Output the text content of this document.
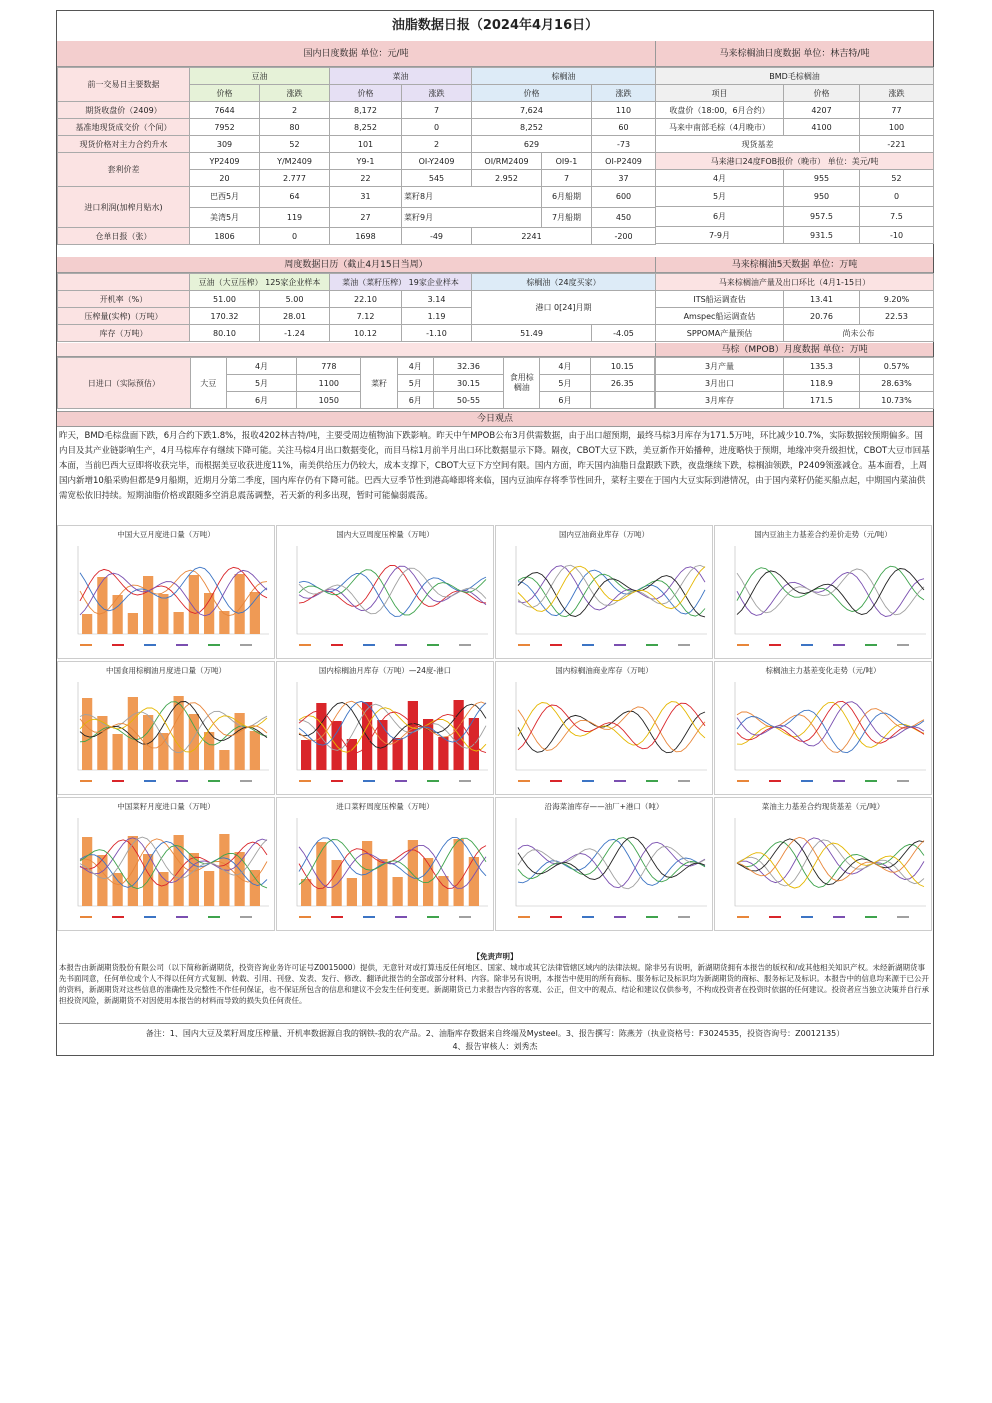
油脂数据日报（2024年4月16日）
国内日度数据 单位：元/吨	马来棕榈油日度数据 单位：林吉特/吨
前一交易日主要数据	豆油		菜油		棕榈油		
	价格	涨跌	价格	涨跌	价格		涨跌
期货收盘价（2409）	7644	2	8,172	7	7,624		110
基准地现货成交价（个间）	7952	80	8,252	0	8,252		60
现货价格对主力合约升水	309	52	101	2	629		-73
套利价差	YP2409	Y/M2409	Y9-1	OI-Y2409	OI/RM2409	OI9-1	OI-P2409
	20	2.777	22	545	2.952	7	37
进口利润(加榨月贴水)	巴西5月	64	31	菜籽8月		6月船期	600
	美湾5月	119	27	菜籽9月		7月船期	450
仓单日报（张）	1806	0	1698	-49	2241		-200
BMD毛棕榈油		
项目	价格	涨跌
收盘价（18:00，6月合约）	4207	77
马来中南部毛棕（4月晚市）	4100	100
现货基差		-221
马来港口24度FOB报价（晚市） 单位：美元/吨		
4月	955	52
5月	950	0
6月	957.5	7.5
7-9月	931.5	-10
周度数据日历（截止4月15日当周）	马来棕榈油5天数据 单位：万吨
	豆油（大豆压榨） 125家企业样本		菜油（菜籽压榨） 19家企业样本		棕榈油（24度买家）	
开机率（%）	51.00	5.00	22.10	3.14	港口 0[24]月期	
压榨量(实榨)（万吨）	170.32	28.01	7.12	1.19		
库存（万吨）	80.10	-1.24	10.12	-1.10	51.49	-4.05
马来棕榈油产量及出口环比（4月1-15日）		
ITS船运调查估	13.41	9.20%
Amspec船运调查估	20.76	22.53
SPPOMA产量预估	尚未公布	
马棕（MPOB）月度数据 单位：万吨
日进口（实际预估）	大豆	4月	778	菜籽	4月	32.36	食用棕榈油	4月	10.15
		5月	1100		5月	30.15		5月	26.35
		6月	1050		6月	50-55		6月	
3月产量	135.3	0.57%
3月出口	118.9	28.63%
3月库存	171.5	10.73%
今日观点
昨天，BMD毛棕盘面下跌，6月合约下跌1.8%，报收4202林吉特/吨，主要受周边植物油下跌影响。昨天中午MPOB公布3月供需数据，由于出口超预期，最终马棕3月库存为171.5万吨，环比减少10.7%，实际数据较预期偏多。国内目及其产业链影响生产，4月马棕库存有继续下降可能。关注马棕4月出口数据变化，而目马棕1月前半月出口环比数据显示下降。隔夜，CBOT大豆下跌，美豆新作开始播种，进度略快于预期，地缘冲突升级担忧，CBOT大豆市回基本面，当前巴西大豆即将收获完毕，而根据美豆收获进度11%，南美供给压力仍较大，成本支撑下，CBOT大豆下方空间有限。国内方面，昨天国内油脂日盘跟跌下跌，夜盘继续下跌，棕榈油领跌，P2409领涨减仓。基本面看，上周国内新增10船采购但都是9月船期，近期月分第二季度，国内库存仍有下降可能。巴西大豆季节性到港高峰即将来临，国内豆油库存将季节性回升，菜籽主要在于国内大豆实际到港情况，由于国内菜籽仍能买船点起，中期国内菜油供需宽松依旧持续。短期油脂价格或跟随多空消息震荡调整，若天新的利多出现，暂时可能偏弱震荡。
中国大豆月度进口量（万吨）	国内大豆周度压榨量（万吨）	国内豆油商业库存（万吨）	国内豆油主力基差合约差价走势（元/吨）
中国食用棕榈油月度进口量（万吨）	国内棕榈油月库存（万吨）—24度-港口	国内棕榈油商业库存（万吨）	棕榈油主力基差变化走势（元/吨）
中国菜籽月度进口量（万吨）	进口菜籽周度压榨量（万吨）	沿海菜油库存——油厂+港口（吨）	菜油主力基差合约现货基差（元/吨）
【免责声明】
本报告由新湖期货股份有限公司（以下简称新湖期货，投资咨询业务许可证号Z0015000）提供，无意针对或打算违反任何地区、国家、城市或其它法律管辖区域内的法律法规。除非另有说明，新湖期货拥有本报告的版权和/或其他相关知识产权。未经新湖期货事先书面同意，任何单位或个人不得以任何方式复制、转载、引用、刊登、发表、发行、修改、翻译此报告的全部或部分材料、内容。除非另有说明，本报告中使用的所有商标、服务标记及标识均为新湖期货的商标、服务标记及标识。本报告中的信息均来源于已公开的资料，新湖期货对这些信息的准确性及完整性不作任何保证，也不保证所包含的信息和建议不会发生任何变更。新湖期货已力求报告内容的客观、公正，但文中的观点、结论和建议仅供参考，不构成投资者在投资时依据的任何建议。投资者应当独立决策并自行承担投资风险，新湖期货不对因使用本报告的材料而导致的损失负任何责任。
备注：1、国内大豆及菜籽周度压榨量、开机率数据源自我的钢铁-我的农产品。2、油脂库存数据来自终端及Mysteel。3、报告撰写：陈燕芳（执业资格号：F3024535，投资咨询号：Z0012135）
4、报告审核人：刘秀杰
